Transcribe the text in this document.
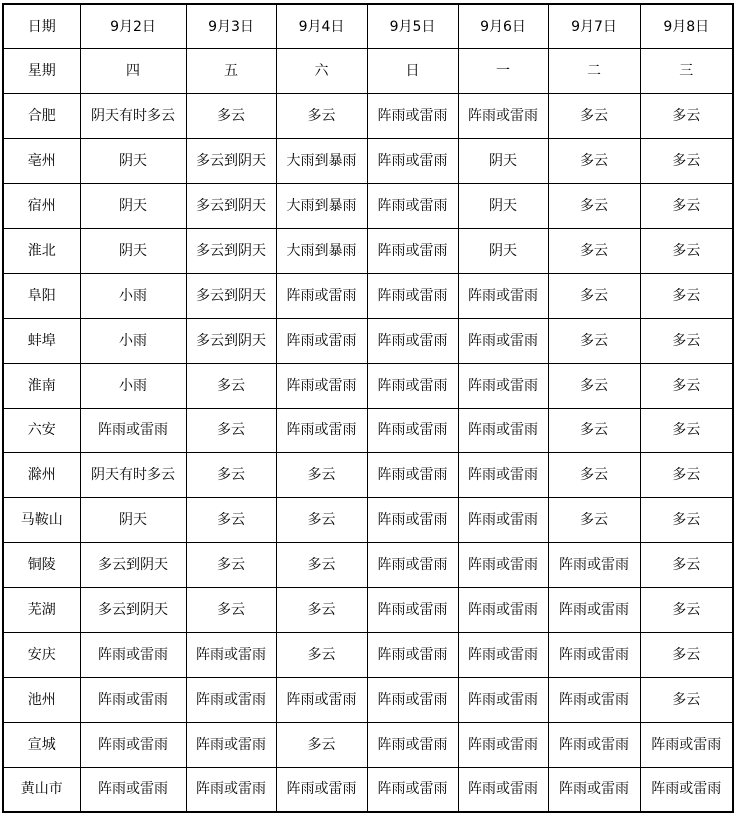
日期	9月2日	9月3日	9月4日	9月5日	9月6日	9月7日	9月8日
星期	四	五	六	日	一	二	三
合肥	阴天有时多云	多云	多云	阵雨或雷雨	阵雨或雷雨	多云	多云
亳州	阴天	多云到阴天	大雨到暴雨	阵雨或雷雨	阴天	多云	多云
宿州	阴天	多云到阴天	大雨到暴雨	阵雨或雷雨	阴天	多云	多云
淮北	阴天	多云到阴天	大雨到暴雨	阵雨或雷雨	阴天	多云	多云
阜阳	小雨	多云到阴天	阵雨或雷雨	阵雨或雷雨	阵雨或雷雨	多云	多云
蚌埠	小雨	多云到阴天	阵雨或雷雨	阵雨或雷雨	阵雨或雷雨	多云	多云
淮南	小雨	多云	阵雨或雷雨	阵雨或雷雨	阵雨或雷雨	多云	多云
六安	阵雨或雷雨	多云	阵雨或雷雨	阵雨或雷雨	阵雨或雷雨	多云	多云
滁州	阴天有时多云	多云	多云	阵雨或雷雨	阵雨或雷雨	多云	多云
马鞍山	阴天	多云	多云	阵雨或雷雨	阵雨或雷雨	多云	多云
铜陵	多云到阴天	多云	多云	阵雨或雷雨	阵雨或雷雨	阵雨或雷雨	多云
芜湖	多云到阴天	多云	多云	阵雨或雷雨	阵雨或雷雨	阵雨或雷雨	多云
安庆	阵雨或雷雨	阵雨或雷雨	多云	阵雨或雷雨	阵雨或雷雨	阵雨或雷雨	多云
池州	阵雨或雷雨	阵雨或雷雨	阵雨或雷雨	阵雨或雷雨	阵雨或雷雨	阵雨或雷雨	多云
宣城	阵雨或雷雨	阵雨或雷雨	多云	阵雨或雷雨	阵雨或雷雨	阵雨或雷雨	阵雨或雷雨
黄山市	阵雨或雷雨	阵雨或雷雨	阵雨或雷雨	阵雨或雷雨	阵雨或雷雨	阵雨或雷雨	阵雨或雷雨
